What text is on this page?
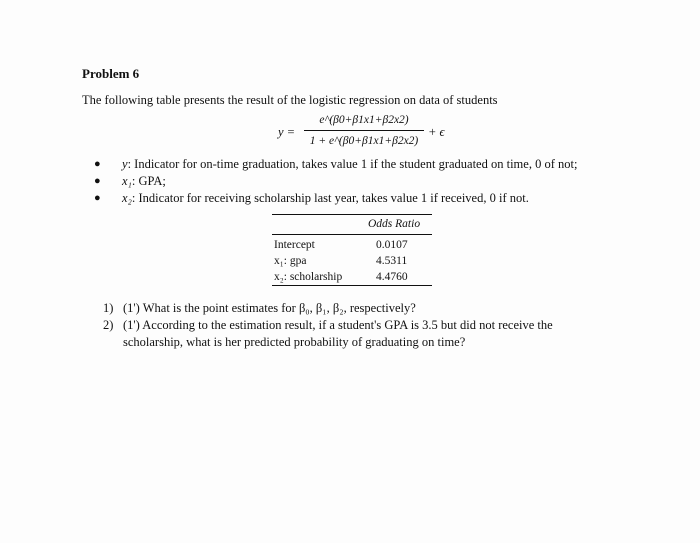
Problem 6
The following table presents the result of the logistic regression on data of students
y =
e^(β0+β1x1+β2x2)
1 + e^(β0+β1x1+β2x2)
+ ϵ
● y: Indicator for on-time graduation, takes value 1 if the student graduated on time, 0 of not;
● x₁: GPA;
● x₂: Indicator for receiving scholarship last year, takes value 1 if received, 0 if not.
Odds Ratio
Intercept	0.0107
x₁: gpa	4.5311
x₂: scholarship	4.4760
1) (1') What is the point estimates for β₀, β₁, β₂, respectively?
2) (1') According to the estimation result, if a student's GPA is 3.5 but did not receive the scholarship, what is her predicted probability of graduating on time?
